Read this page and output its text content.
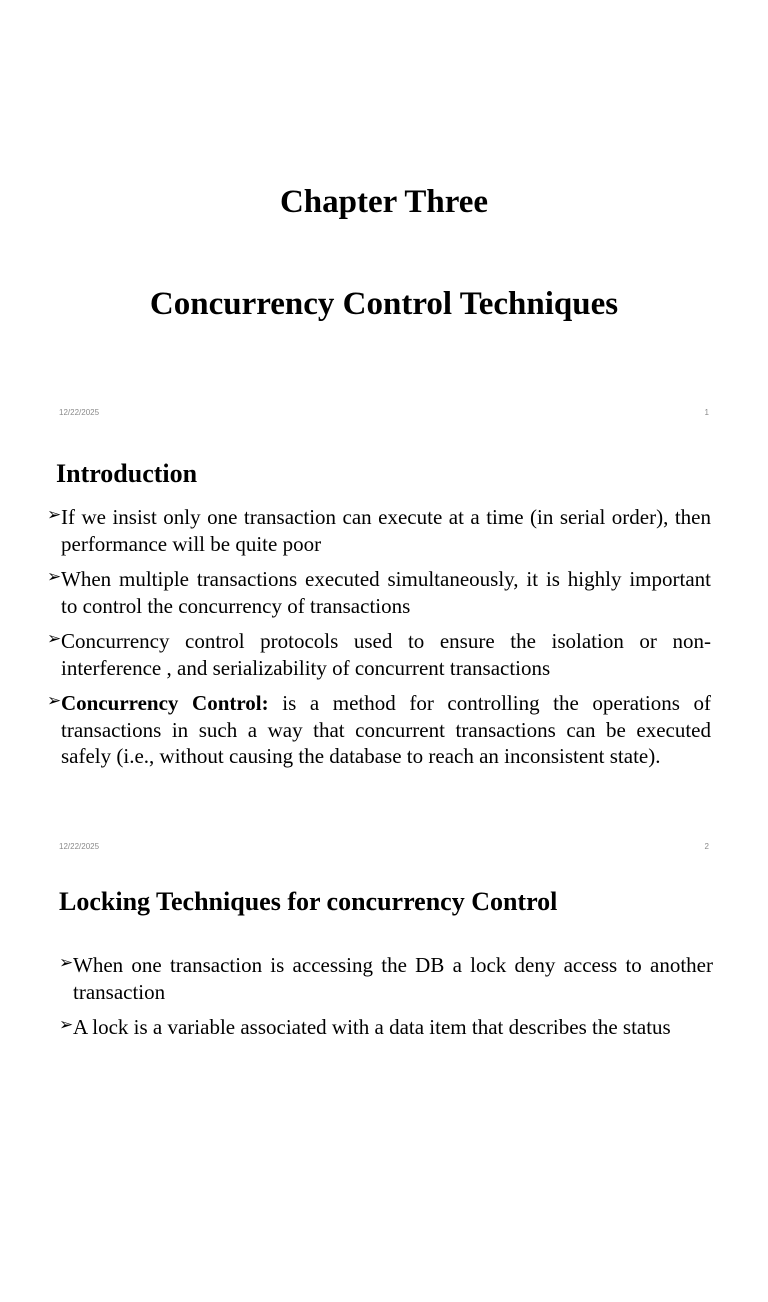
Chapter Three
Concurrency Control Techniques
12/22/2025	1
Introduction
➢ If we insist only one transaction can execute at a time (in serial order), then performance will be quite poor
➢ When multiple transactions executed simultaneously, it is highly important to control the concurrency of transactions
➢ Concurrency control protocols used to ensure the isolation or non-interference , and serializability of concurrent transactions
➢ Concurrency Control: is a method for controlling the operations of transactions in such a way that concurrent transactions can be executed safely (i.e., without causing the database to reach an inconsistent state).
12/22/2025	2
Locking Techniques for concurrency Control
➢ When one transaction is accessing the DB a lock deny access to another transaction
➢ A lock is a variable associated with a data item that describes the status
